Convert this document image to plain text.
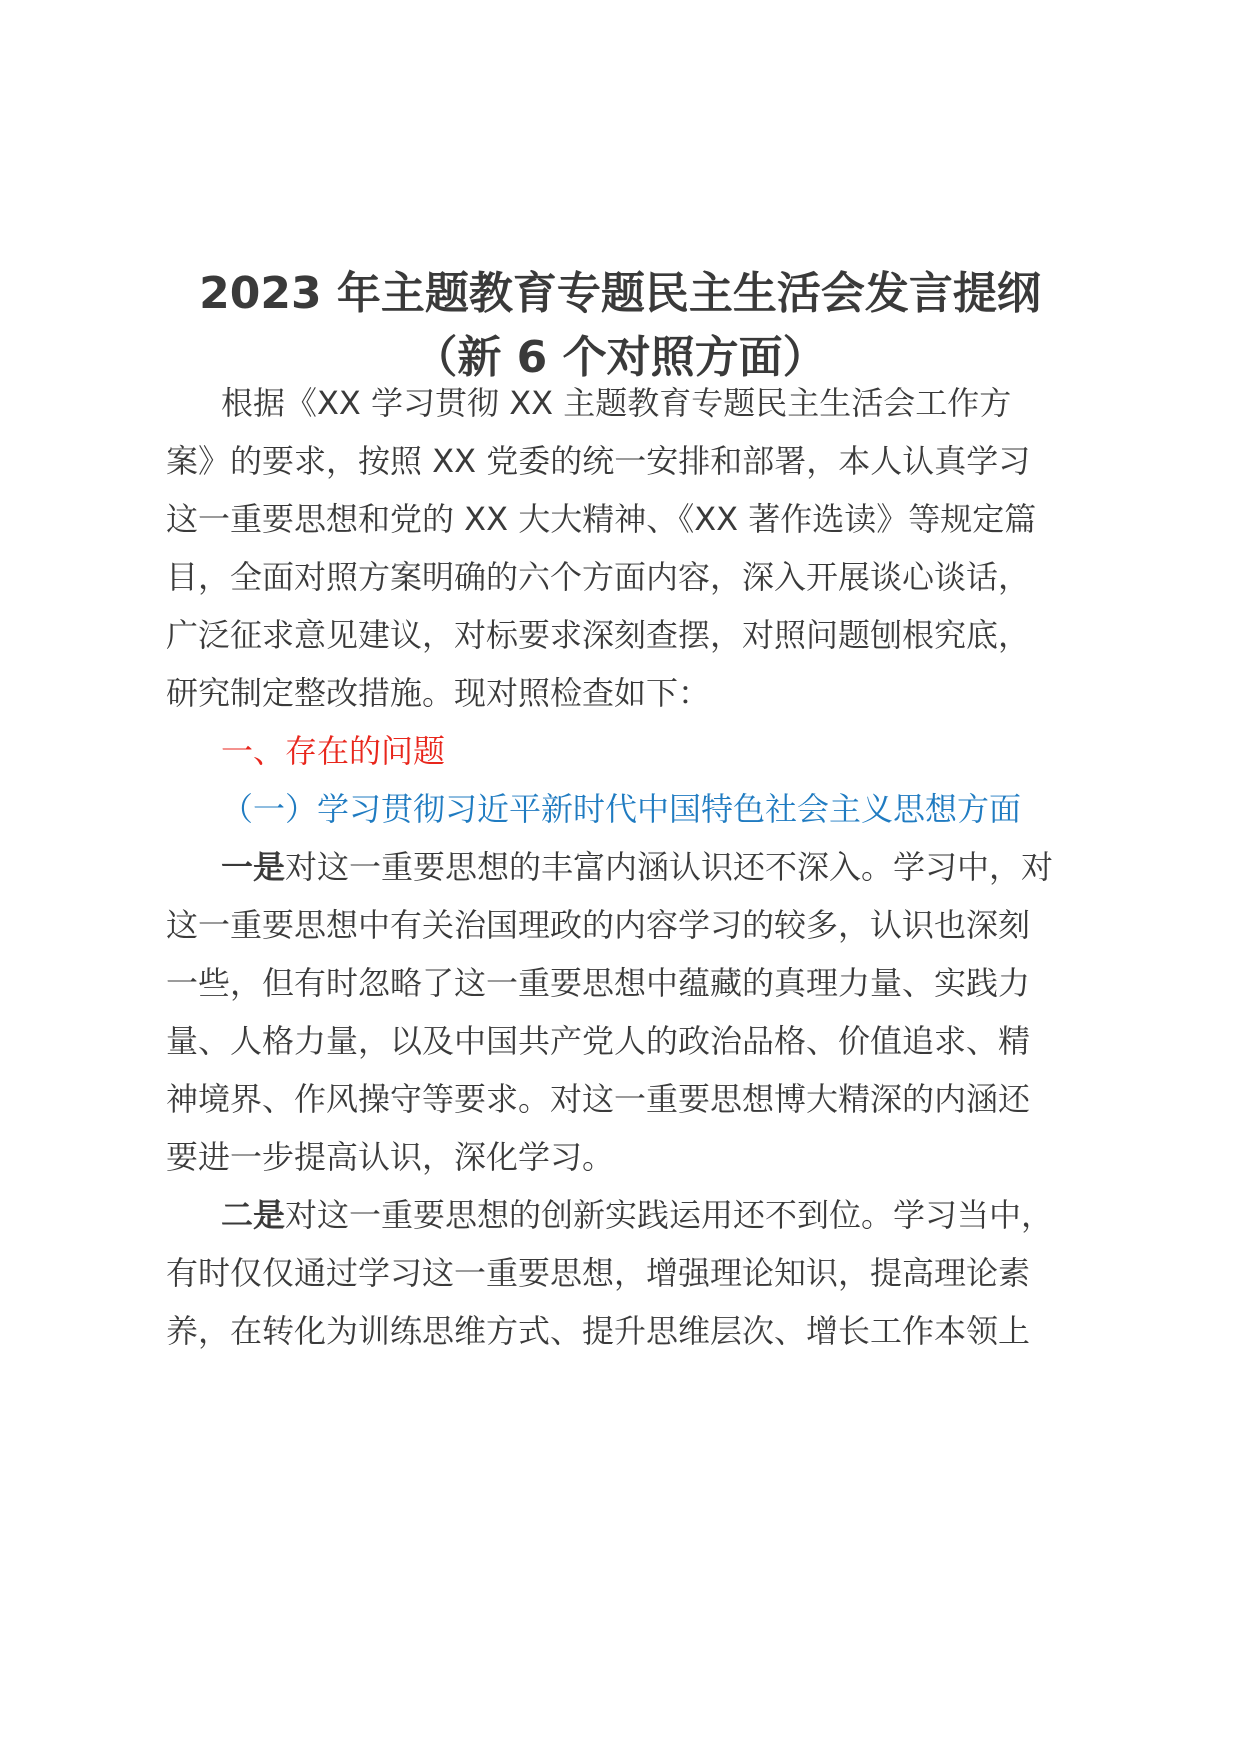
2023 年主题教育专题民主生活会发言提纲
（新 6 个对照方面）
根据《XX 学习贯彻 XX 主题教育专题民主生活会工作方
案》的要求，按照 XX 党委的统一安排和部署，本人认真学习
这一重要思想和党的 XX 大大精神、《XX 著作选读》等规定篇
目，全面对照方案明确的六个方面内容，深入开展谈心谈话，
广泛征求意见建议，对标要求深刻查摆，对照问题刨根究底，
研究制定整改措施。现对照检查如下：
一、存在的问题
（一）学习贯彻习近平新时代中国特色社会主义思想方面
一是对这一重要思想的丰富内涵认识还不深入。学习中，对
这一重要思想中有关治国理政的内容学习的较多，认识也深刻
一些，但有时忽略了这一重要思想中蕴藏的真理力量、实践力
量、人格力量，以及中国共产党人的政治品格、价值追求、精
神境界、作风操守等要求。对这一重要思想博大精深的内涵还
要进一步提高认识，深化学习。
二是对这一重要思想的创新实践运用还不到位。学习当中，
有时仅仅通过学习这一重要思想，增强理论知识，提高理论素
养，在转化为训练思维方式、提升思维层次、增长工作本领上
